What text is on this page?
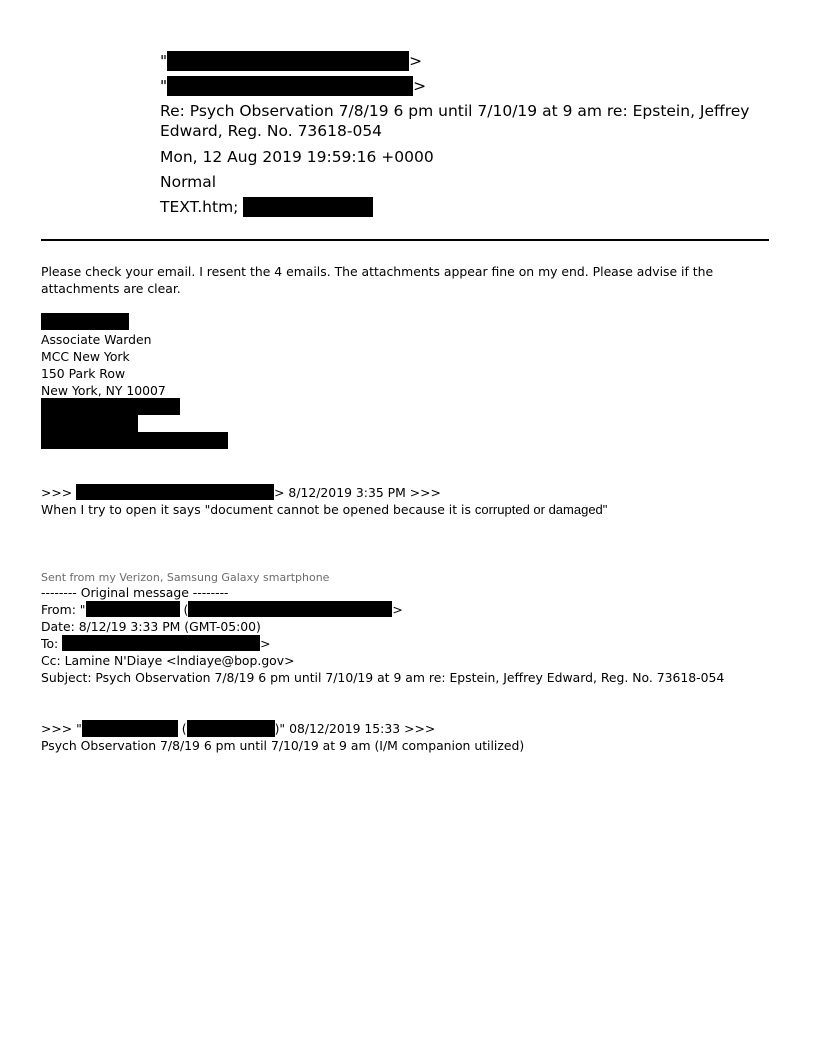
"	>
"	>
Re: Psych Observation 7/8/19 6 pm until 7/10/19 at 9 am re: Epstein, Jeffrey Edward, Reg. No. 73618-054
Mon, 12 Aug 2019 19:59:16 +0000
Normal
TEXT.htm;
Please check your email. I resent the 4 emails. The attachments appear fine on my end. Please advise if the attachments are clear.
Associate Warden
MCC New York
150 Park Row
New York, NY 10007
>>>	> 8/12/2019 3:35 PM >>>
When I try to open it says "document cannot be opened because it is corrupted or damaged"
Sent from my Verizon, Samsung Galaxy smartphone
-------- Original message --------
From: "	(	>
Date: 8/12/19 3:33 PM (GMT-05:00)
To:	>
Cc: Lamine N'Diaye <lndiaye@bop.gov>
Subject: Psych Observation 7/8/19 6 pm until 7/10/19 at 9 am re: Epstein, Jeffrey Edward, Reg. No. 73618-054
>>> "	(	)" 08/12/2019 15:33 >>>
Psych Observation 7/8/19 6 pm until 7/10/19 at 9 am (I/M companion utilized)
